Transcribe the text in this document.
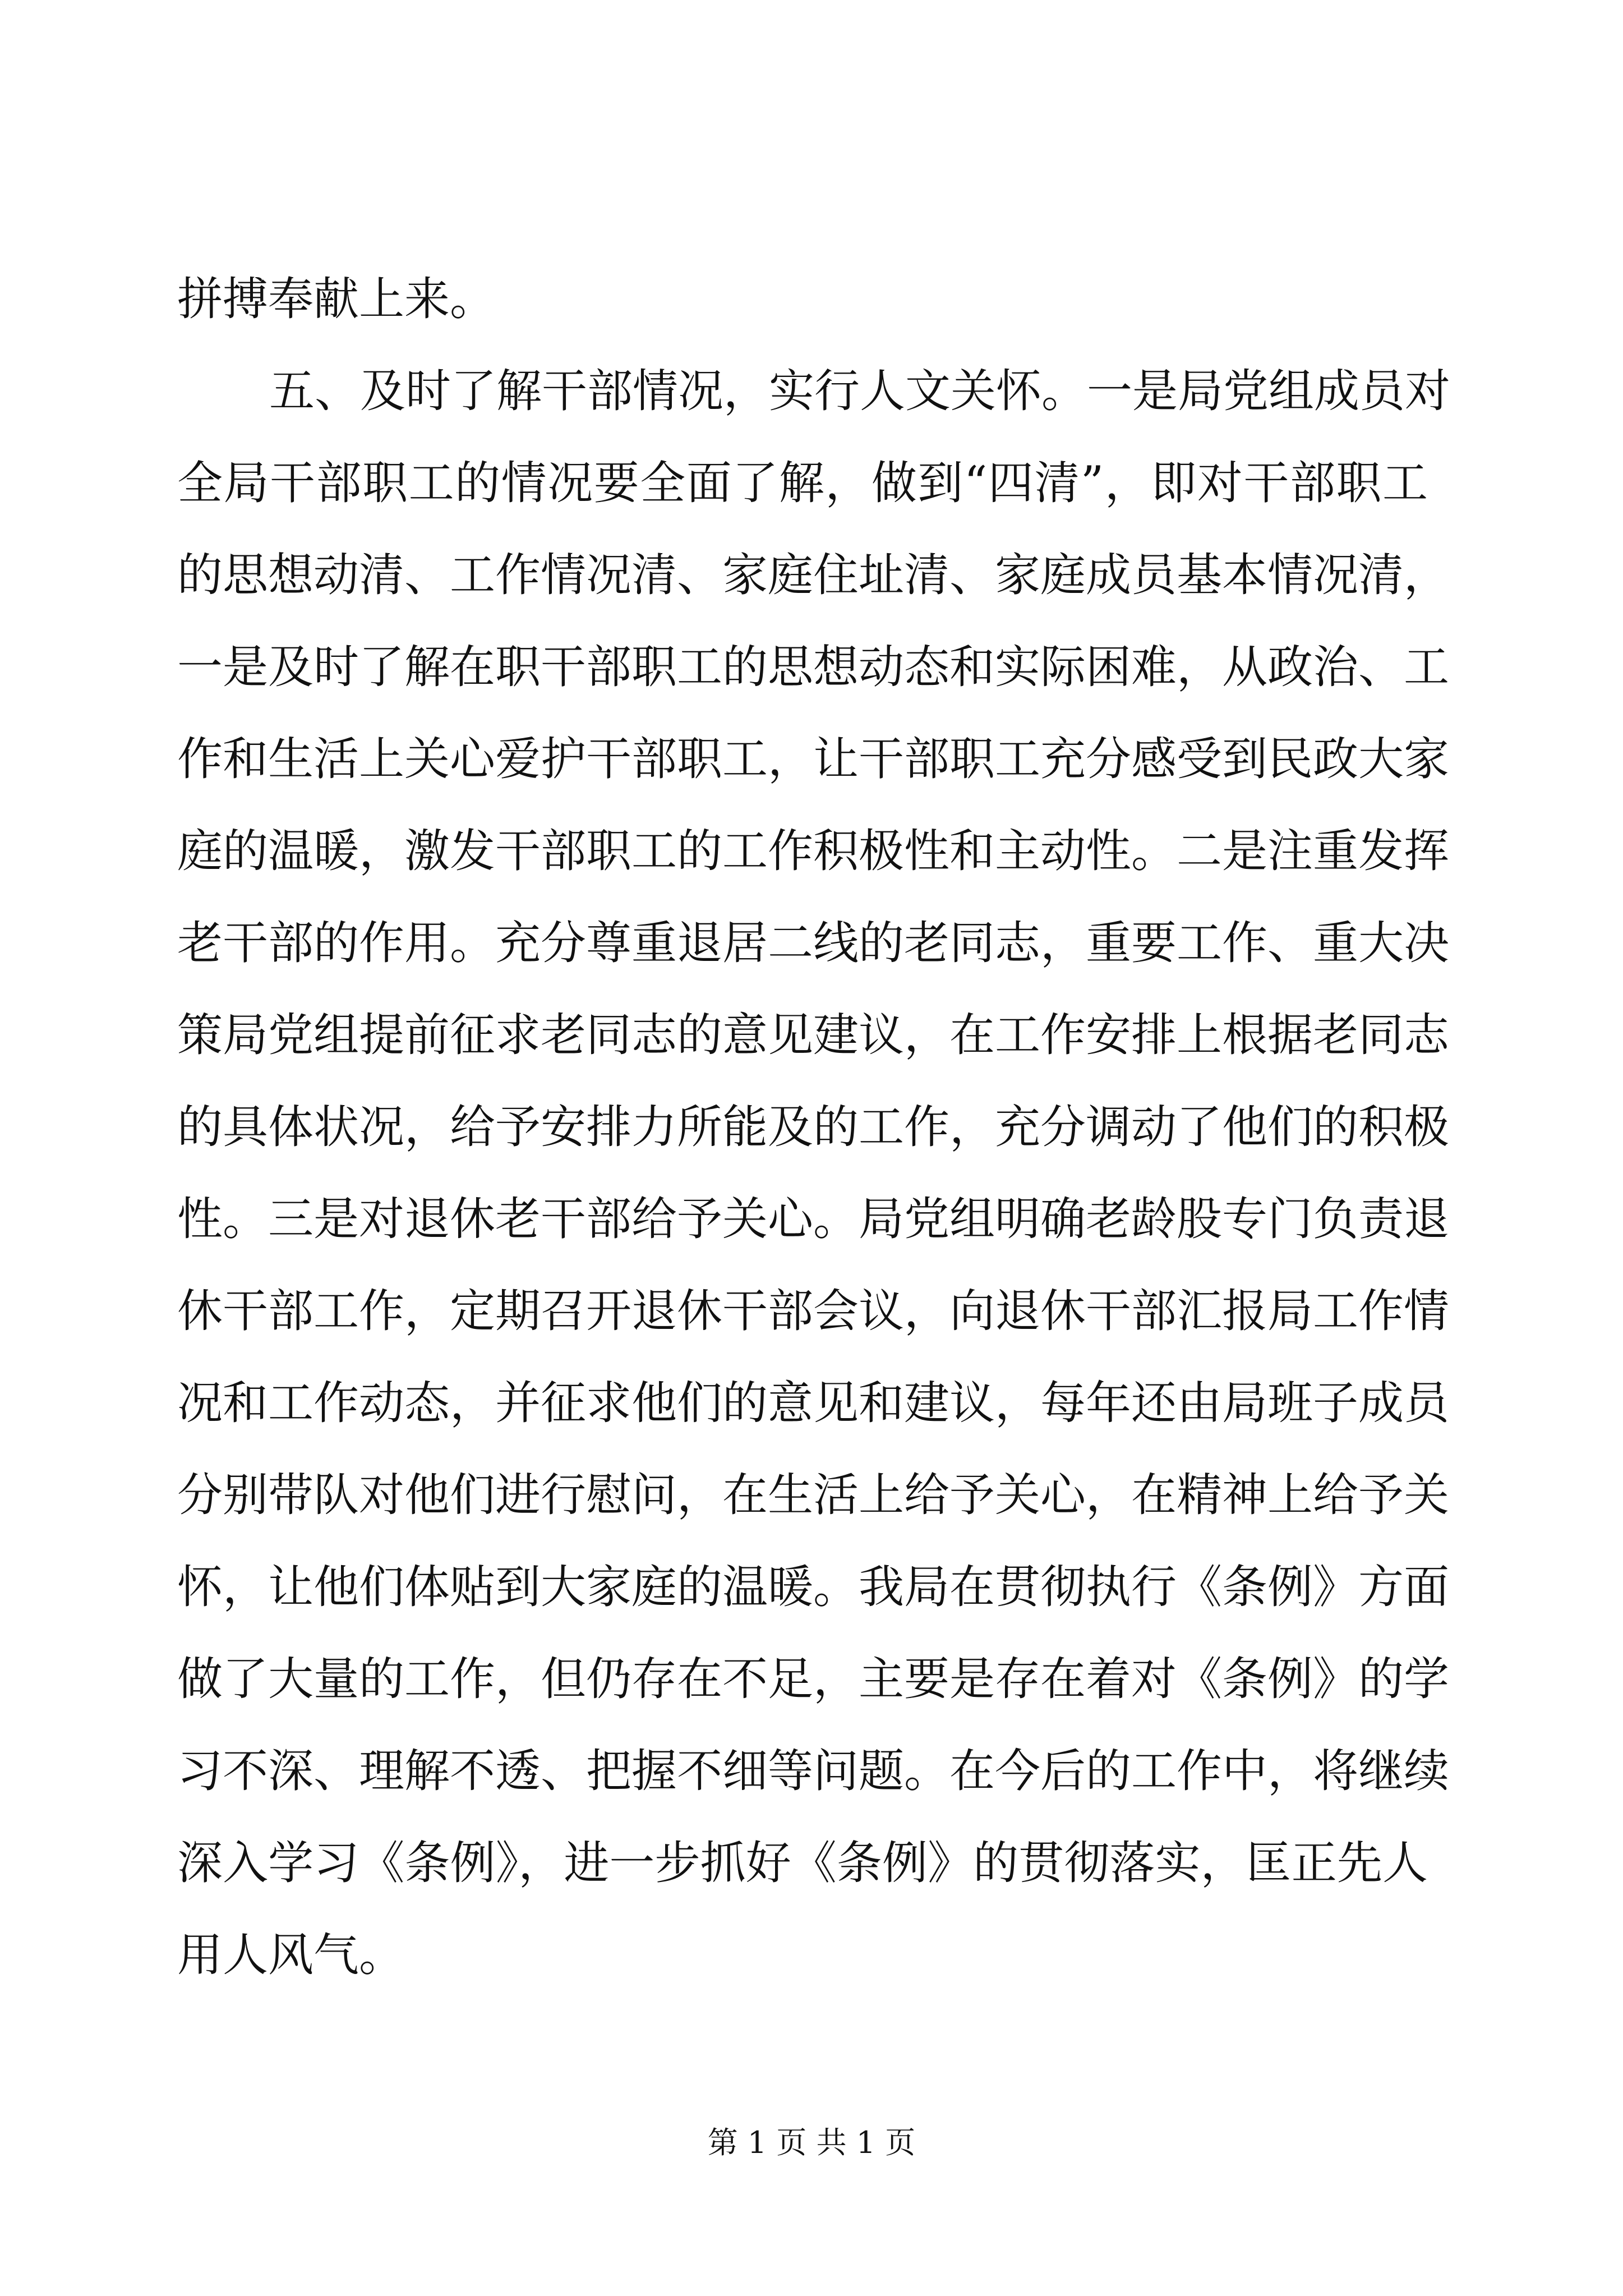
拼搏奉献上来。
五、及时了解干部情况，实行人文关怀。一是局党组成员对
全局干部职工的情况要全面了解，做到“四清”，即对干部职工
的思想动清、工作情况清、家庭住址清、家庭成员基本情况清，
一是及时了解在职干部职工的思想动态和实际困难，从政治、工
作和生活上关心爱护干部职工，让干部职工充分感受到民政大家
庭的温暖，激发干部职工的工作积极性和主动性。二是注重发挥
老干部的作用。充分尊重退居二线的老同志，重要工作、重大决
策局党组提前征求老同志的意见建议，在工作安排上根据老同志
的具体状况，给予安排力所能及的工作，充分调动了他们的积极
性。三是对退休老干部给予关心。局党组明确老龄股专门负责退
休干部工作，定期召开退休干部会议，向退休干部汇报局工作情
况和工作动态，并征求他们的意见和建议，每年还由局班子成员
分别带队对他们进行慰问，在生活上给予关心，在精神上给予关
怀，让他们体贴到大家庭的温暖。我局在贯彻执行《条例》方面
做了大量的工作，但仍存在不足，主要是存在着对《条例》的学
习不深、理解不透、把握不细等问题。在今后的工作中，将继续
深入学习《条例》，进一步抓好《条例》的贯彻落实，匡正先人
用人风气。
第 1 页 共 1 页
